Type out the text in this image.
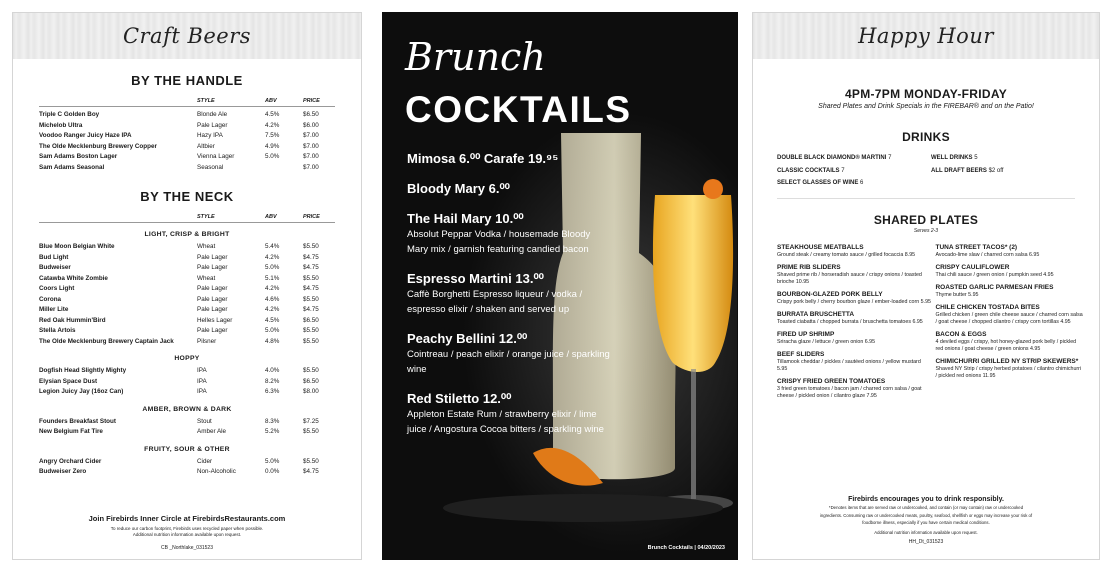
Craft Beers
BY THE HANDLE
STYLE	ABV	PRICE
Triple C Golden Boy	Blonde Ale	4.5%	$6.50
Michelob Ultra	Pale Lager	4.2%	$6.00
Voodoo Ranger Juicy Haze IPA	Hazy IPA	7.5%	$7.00
The Olde Mecklenburg Brewery Copper	Altbier	4.9%	$7.00
Sam Adams Boston Lager	Vienna Lager	5.0%	$7.00
Sam Adams Seasonal	Seasonal	$7.00
BY THE NECK
STYLE	ABV	PRICE
LIGHT, CRISP & BRIGHT
Blue Moon Belgian White	Wheat	5.4%	$5.50
Bud Light	Pale Lager	4.2%	$4.75
Budweiser	Pale Lager	5.0%	$4.75
Catawba White Zombie	Wheat	5.1%	$5.50
Coors Light	Pale Lager	4.2%	$4.75
Corona	Pale Lager	4.6%	$5.50
Miller Lite	Pale Lager	4.2%	$4.75
Red Oak Hummin'Bird	Helles Lager	4.5%	$6.50
Stella Artois	Pale Lager	5.0%	$5.50
The Olde Mecklenburg Brewery Captain Jack	Pilsner	4.8%	$5.50
HOPPY
Dogfish Head Slightly Mighty	IPA	4.0%	$5.50
Elysian Space Dust	IPA	8.2%	$6.50
Legion Juicy Jay (16oz Can)	IPA	6.3%	$8.00
AMBER, BROWN & DARK
Founders Breakfast Stout	Stout	8.3%	$7.25
New Belgium Fat Tire	Amber Ale	5.2%	$5.50
FRUITY, SOUR & OTHER
Angry Orchard Cider	Cider	5.0%	$5.50
Budweiser Zero	Non-Alcoholic	0.0%	$4.75
Join Firebirds Inner Circle at FirebirdsRestaurants.com
To reduce our carbon footprint, Firebirds uses recycled paper when possible.
Additional nutrition information available upon request.
CB _Northlake_031523
Brunch
COCKTAILS
Mimosa 6.⁰⁰ Carafe 19.⁹⁵
Bloody Mary 6.⁰⁰
The Hail Mary 10.⁰⁰
Absolut Peppar Vodka / housemade Bloody Mary mix / garnish featuring candied bacon
Espresso Martini 13.⁰⁰
Caffè Borghetti Espresso liqueur / vodka / espresso elixir / shaken and served up
Peachy Bellini 12.⁰⁰
Cointreau / peach elixir / orange juice / sparkling wine
Red Stiletto 12.⁰⁰
Appleton Estate Rum / strawberry elixir / lime juice / Angostura Cocoa bitters / sparkling wine
Brunch Cocktails | 04/20/2023
Happy Hour
4PM-7PM MONDAY-FRIDAY
Shared Plates and Drink Specials in the FIREBAR® and on the Patio!
DRINKS
DOUBLE BLACK DIAMOND® MARTINI 7
CLASSIC COCKTAILS 7
SELECT GLASSES OF WINE 6
WELL DRINKS 5
ALL DRAFT BEERS $2 off
SHARED PLATES
Serves 2-3
STEAKHOUSE MEATBALLS
Ground steak / creamy tomato sauce / grilled focaccia 8.95
PRIME RIB SLIDERS
Shaved prime rib / horseradish sauce / crispy onions / toasted brioche 10.95
BOURBON-GLAZED PORK BELLY
Crispy pork belly / cherry bourbon glaze / ember-loaded corn 5.95
BURRATA BRUSCHETTA
Toasted ciabatta / chopped burrata / bruschetta tomatoes 6.95
FIRED UP SHRIMP
Sriracha glaze / lettuce / green onion 6.95
BEEF SLIDERS
Tillamook cheddar / pickles / sautéed onions / yellow mustard 5.95
CRISPY FRIED GREEN TOMATOES
3 fried green tomatoes / bacon jam / charred corn salsa / goat cheese / pickled onion / cilantro glaze 7.95
TUNA STREET TACOS* (2)
Avocado-lime slaw / charred corn salsa 6.95
CRISPY CAULIFLOWER
Thai chili sauce / green onion / pumpkin seed 4.95
ROASTED GARLIC PARMESAN FRIES
Thyme butter 5.95
CHILE CHICKEN TOSTADA BITES
Grilled chicken / green chile cheese sauce / charred corn salsa / goat cheese / chopped cilantro / crispy corn tortillas 4.95
BACON & EGGS
4 deviled eggs / crispy, hot honey-glazed pork belly / pickled red onions / goat cheese / green onions 4.95
CHIMICHURRI GRILLED NY STRIP SKEWERS*
Shaved NY Strip / crispy herbed potatoes / cilantro chimichurri / pickled red onions 11.95
Firebirds encourages you to drink responsibly.
*Denotes items that are served raw or undercooked, and contain (or may contain) raw or undercooked
ingredients. Consuming raw or undercooked meats, poultry, seafood, shellfish or eggs may increase your risk of
foodborne illness, especially if you have certain medical conditions.
Additional nutrition information available upon request.
HH_Dt_031523
